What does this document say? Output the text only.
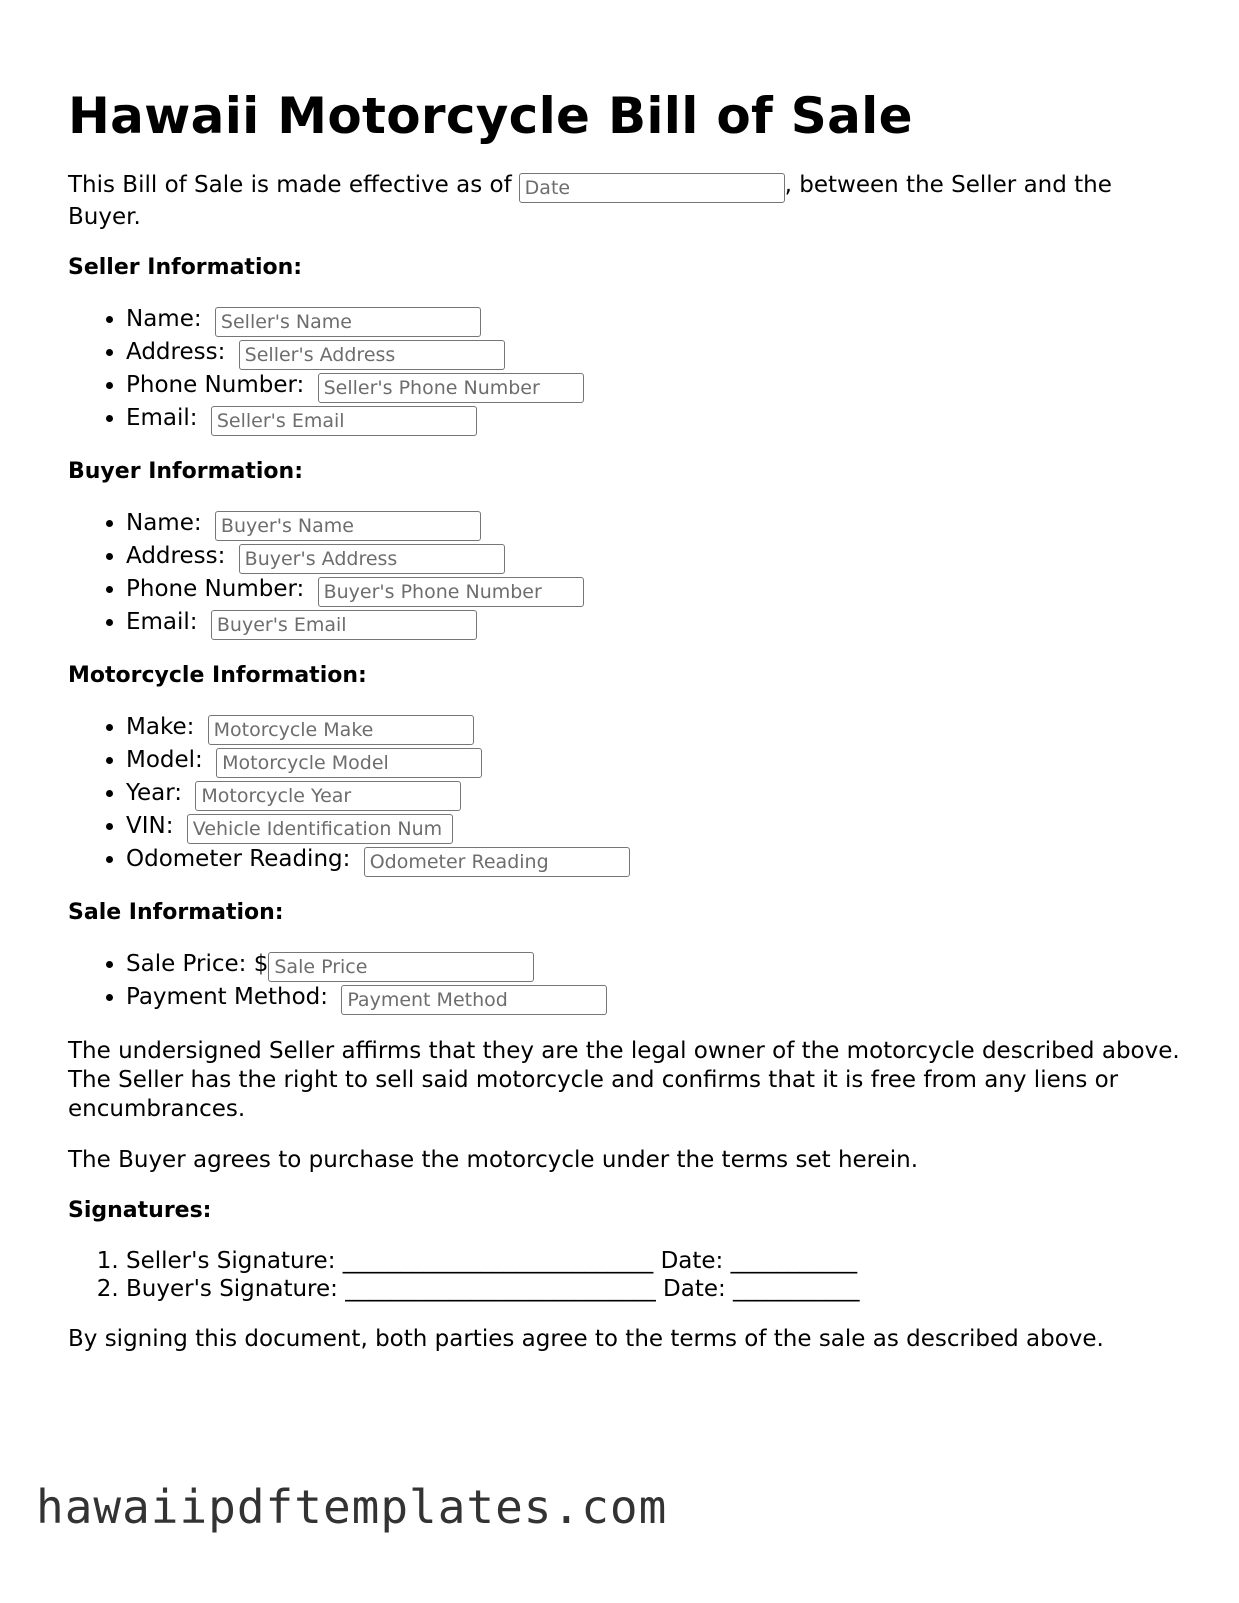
Hawaii Motorcycle Bill of Sale

This Bill of Sale is made effective as ofDate	, between the Seller and the Buyer.

Seller Information:
• Name: Seller's Name
• Address: Seller's Address
• Phone Number: Seller's Phone Number
• Email: Seller's Email
Buyer Information:
• Name: Buyer's Name
• Address: Buyer's Address
• Phone Number: Buyer's Phone Number
• Email: Buyer's Email
Motorcycle Information:
• Make: Motorcycle Make
• Model: Motorcycle Model
• Year: Motorcycle Year
• VIN: Vehicle Identification Num
• Odometer Reading: Odometer Reading
Sale Information:
• Sale Price: $Sale Price
• Payment Method: Payment Method

The undersigned Seller affirms that they are the legal owner of the motorcycle described above. The Seller has the right to sell said motorcycle and confirms that it is free from any liens or encumbrances.

The Buyer agrees to purchase the motorcycle under the terms set herein.

Signatures:
1. Seller's Signature: ___________________________ Date: ___________
2. Buyer's Signature: ___________________________ Date: ___________

By signing this document, both parties agree to the terms of the sale as described above.

hawaiipdftemplates.com
